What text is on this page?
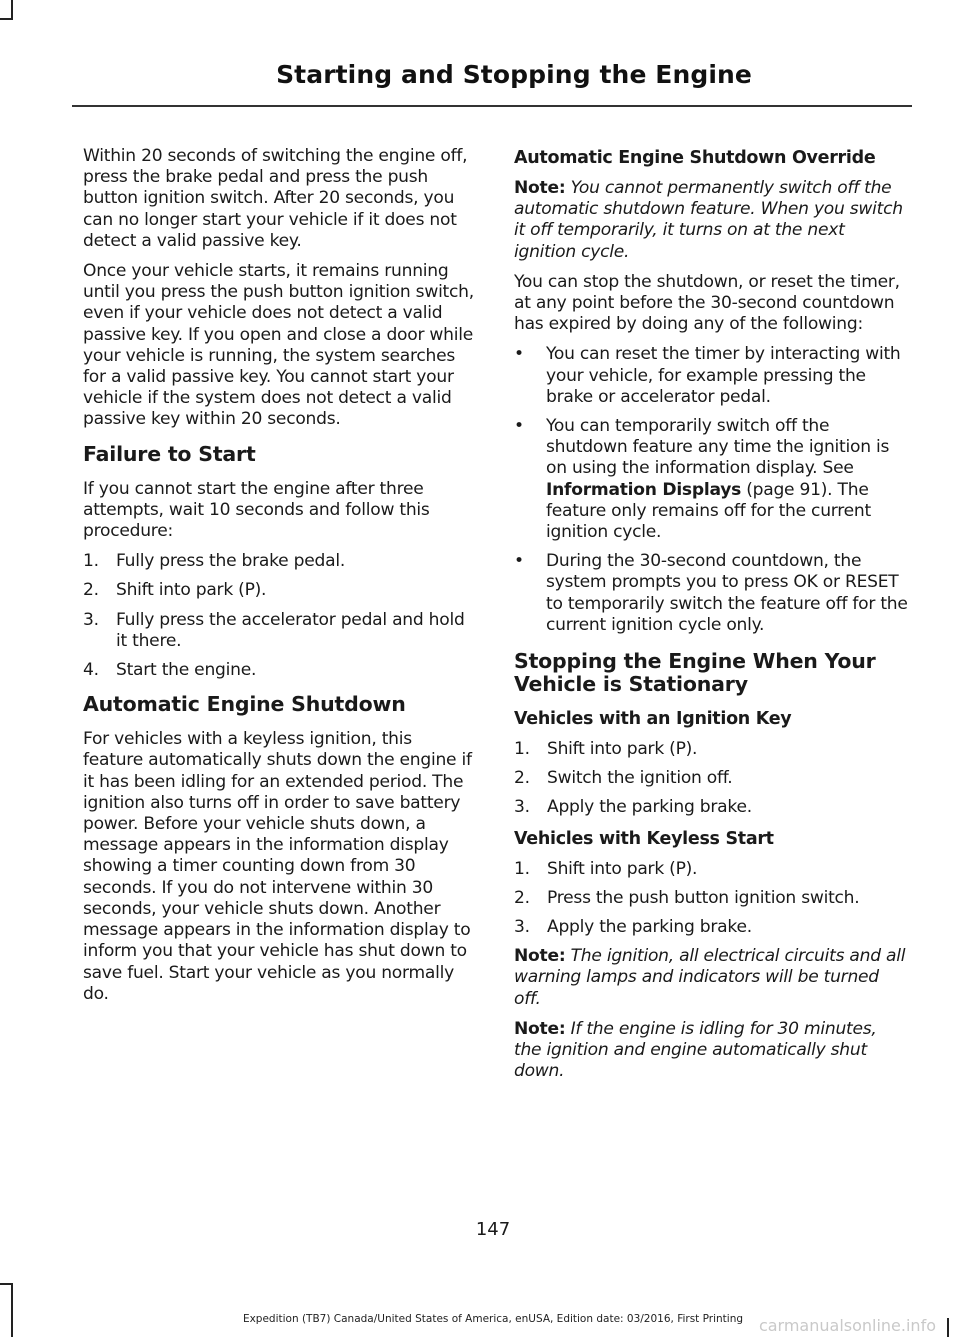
Starting and Stopping the Engine

Within 20 seconds of switching the engine off, press the brake pedal and press the push button ignition switch. After 20 seconds, you can no longer start your vehicle if it does not detect a valid passive key.

Once your vehicle starts, it remains running until you press the push button ignition switch, even if your vehicle does not detect a valid passive key. If you open and close a door while your vehicle is running, the system searches for a valid passive key. You cannot start your vehicle if the system does not detect a valid passive key within 20 seconds.

Failure to Start

If you cannot start the engine after three attempts, wait 10 seconds and follow this procedure:

1.	Fully press the brake pedal.
2.	Shift into park (P).
3.	Fully press the accelerator pedal and hold it there.
4.	Start the engine.
Automatic Engine Shutdown

For vehicles with a keyless ignition, this feature automatically shuts down the engine if it has been idling for an extended period. The ignition also turns off in order to save battery power. Before your vehicle shuts down, a message appears in the information display showing a timer counting down from 30 seconds. If you do not intervene within 30 seconds, your vehicle shuts down. Another message appears in the information display to inform you that your vehicle has shut down to save fuel. Start your vehicle as you normally do.

Automatic Engine Shutdown Override

Note: You cannot permanently switch off the automatic shutdown feature. When you switch it off temporarily, it turns on at the next ignition cycle.

You can stop the shutdown, or reset the timer, at any point before the 30-second countdown has expired by doing any of the following:

•	You can reset the timer by interacting with your vehicle, for example pressing the brake or accelerator pedal.
•	You can temporarily switch off the shutdown feature any time the ignition is on using the information display. See Information Displays (page 91). The feature only remains off for the current ignition cycle.
•	During the 30-second countdown, the system prompts you to press OK or RESET to temporarily switch the feature off for the current ignition cycle only.
Stopping the Engine When Your Vehicle is Stationary
Vehicles with an Ignition Key
1.	Shift into park (P).
2.	Switch the ignition off.
3.	Apply the parking brake.
Vehicles with Keyless Start
1.	Shift into park (P).
2.	Press the push button ignition switch.
3.	Apply the parking brake.

Note: The ignition, all electrical circuits and all warning lamps and indicators will be turned off.

Note: If the engine is idling for 30 minutes, the ignition and engine automatically shut down.

147
Expedition (TB7) Canada/United States of America, enUSA, Edition date: 03/2016, First Printing carmanualsonline.info
